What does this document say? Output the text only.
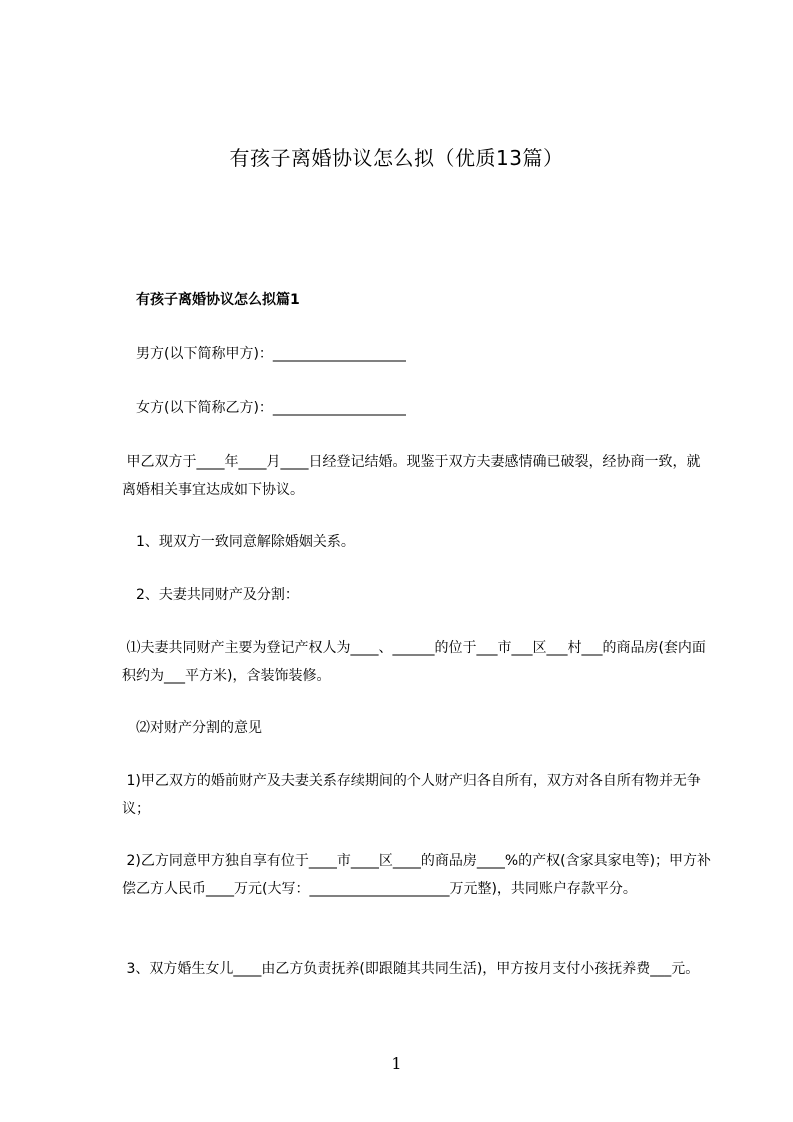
有孩子离婚协议怎么拟（优质13篇）
有孩子离婚协议怎么拟篇1
男方(以下简称甲方)：___________________
女方(以下简称乙方)：___________________
甲乙双方于____年____月____日经登记结婚。现鉴于双方夫妻感情确已破裂，经协商一致，就离婚相关事宜达成如下协议。
1、现双方一致同意解除婚姻关系。
2、夫妻共同财产及分割：
⑴夫妻共同财产主要为登记产权人为____、______的位于___市___区___村___的商品房(套内面积约为___平方米)，含装饰装修。
⑵对财产分割的意见
1)甲乙双方的婚前财产及夫妻关系存续期间的个人财产归各自所有，双方对各自所有物并无争议；
2)乙方同意甲方独自享有位于____市____区____的商品房____%的产权(含家具家电等)；甲方补偿乙方人民币____万元(大写：____________________万元整)，共同账户存款平分。
3、双方婚生女儿____由乙方负责抚养(即跟随其共同生活)，甲方按月支付小孩抚养费___元。
1
